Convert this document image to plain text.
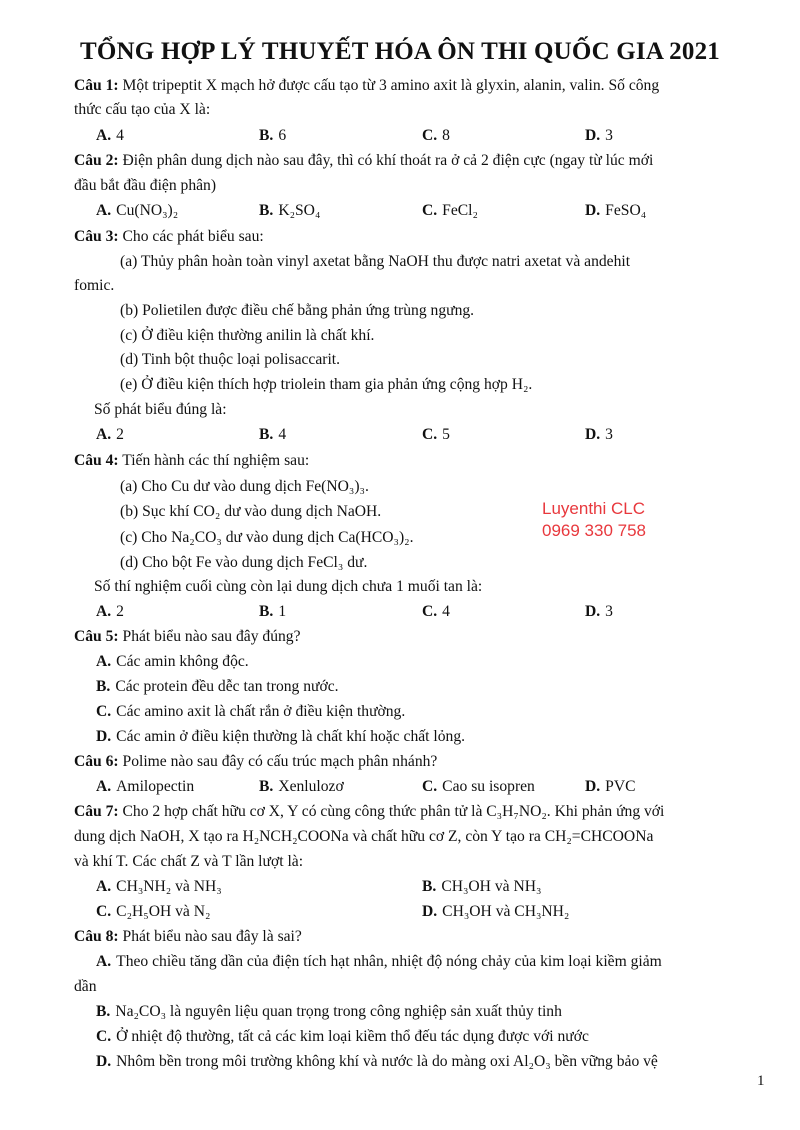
TỔNG HỢP LÝ THUYẾT HÓA ÔN THI QUỐC GIA 2021
Câu 1: Một tripeptit X mạch hở được cấu tạo từ 3 amino axit là glyxin, alanin, valin. Số công
thức cấu tạo của X là:
A. 4	B. 6	C. 8	D. 3
Câu 2: Điện phân dung dịch nào sau đây, thì có khí thoát ra ở cả 2 điện cực (ngay từ lúc mới
đầu bắt đầu điện phân)
A. Cu(NO₃)₂	B. K₂SO₄	C. FeCl₂	D. FeSO₄
Câu 3: Cho các phát biểu sau:
(a) Thủy phân hoàn toàn vinyl axetat bằng NaOH thu được natri axetat và andehit
fomic.
(b) Polietilen được điều chế bằng phản ứng trùng ngưng.
(c) Ở điều kiện thường anilin là chất khí.
(d) Tinh bột thuộc loại polisaccarit.
(e) Ở điều kiện thích hợp triolein tham gia phản ứng cộng hợp H₂.
Số phát biểu đúng là:
A. 2	B. 4	C. 5	D. 3
Câu 4: Tiến hành các thí nghiệm sau:
(a) Cho Cu dư vào dung dịch Fe(NO₃)₃.
(b) Sục khí CO₂ dư vào dung dịch NaOH.
(c) Cho Na₂CO₃ dư vào dung dịch Ca(HCO₃)₂.
(d) Cho bột Fe vào dung dịch FeCl₃ dư.
Luyenthi CLC
0969 330 758
Số thí nghiệm cuối cùng còn lại dung dịch chưa 1 muối tan là:
A. 2	B. 1	C. 4	D. 3
Câu 5: Phát biểu nào sau đây đúng?
A. Các amin không độc.
B. Các protein đều dễc tan trong nước.
C. Các amino axit là chất rắn ở điều kiện thường.
D. Các amin ở điều kiện thường là chất khí hoặc chất lỏng.
Câu 6: Polime nào sau đây có cấu trúc mạch phân nhánh?
A. Amilopectin	B. Xenlulozơ	C. Cao su isopren	D. PVC
Câu 7: Cho 2 hợp chất hữu cơ X, Y có cùng công thức phân tử là C₃H₇NO₂. Khi phản ứng với
dung dịch NaOH, X tạo ra H₂NCH₂COONa và chất hữu cơ Z, còn Y tạo ra CH₂=CHCOONa
và khí T. Các chất Z và T lần lượt là:
A. CH₃NH₂ và NH₃	B. CH₃OH và NH₃
C. C₂H₅OH và N₂	D. CH₃OH và CH₃NH₂
Câu 8: Phát biểu nào sau đây là sai?
A. Theo chiều tăng dần của điện tích hạt nhân, nhiệt độ nóng chảy của kim loại kiềm giảm
dần
B. Na₂CO₃ là nguyên liệu quan trọng trong công nghiệp sản xuất thủy tinh
C. Ở nhiệt độ thường, tất cả các kim loại kiềm thổ đếu tác dụng được với nước
D. Nhôm bền trong môi trường không khí và nước là do màng oxi Al₂O₃ bền vững bảo vệ
1
